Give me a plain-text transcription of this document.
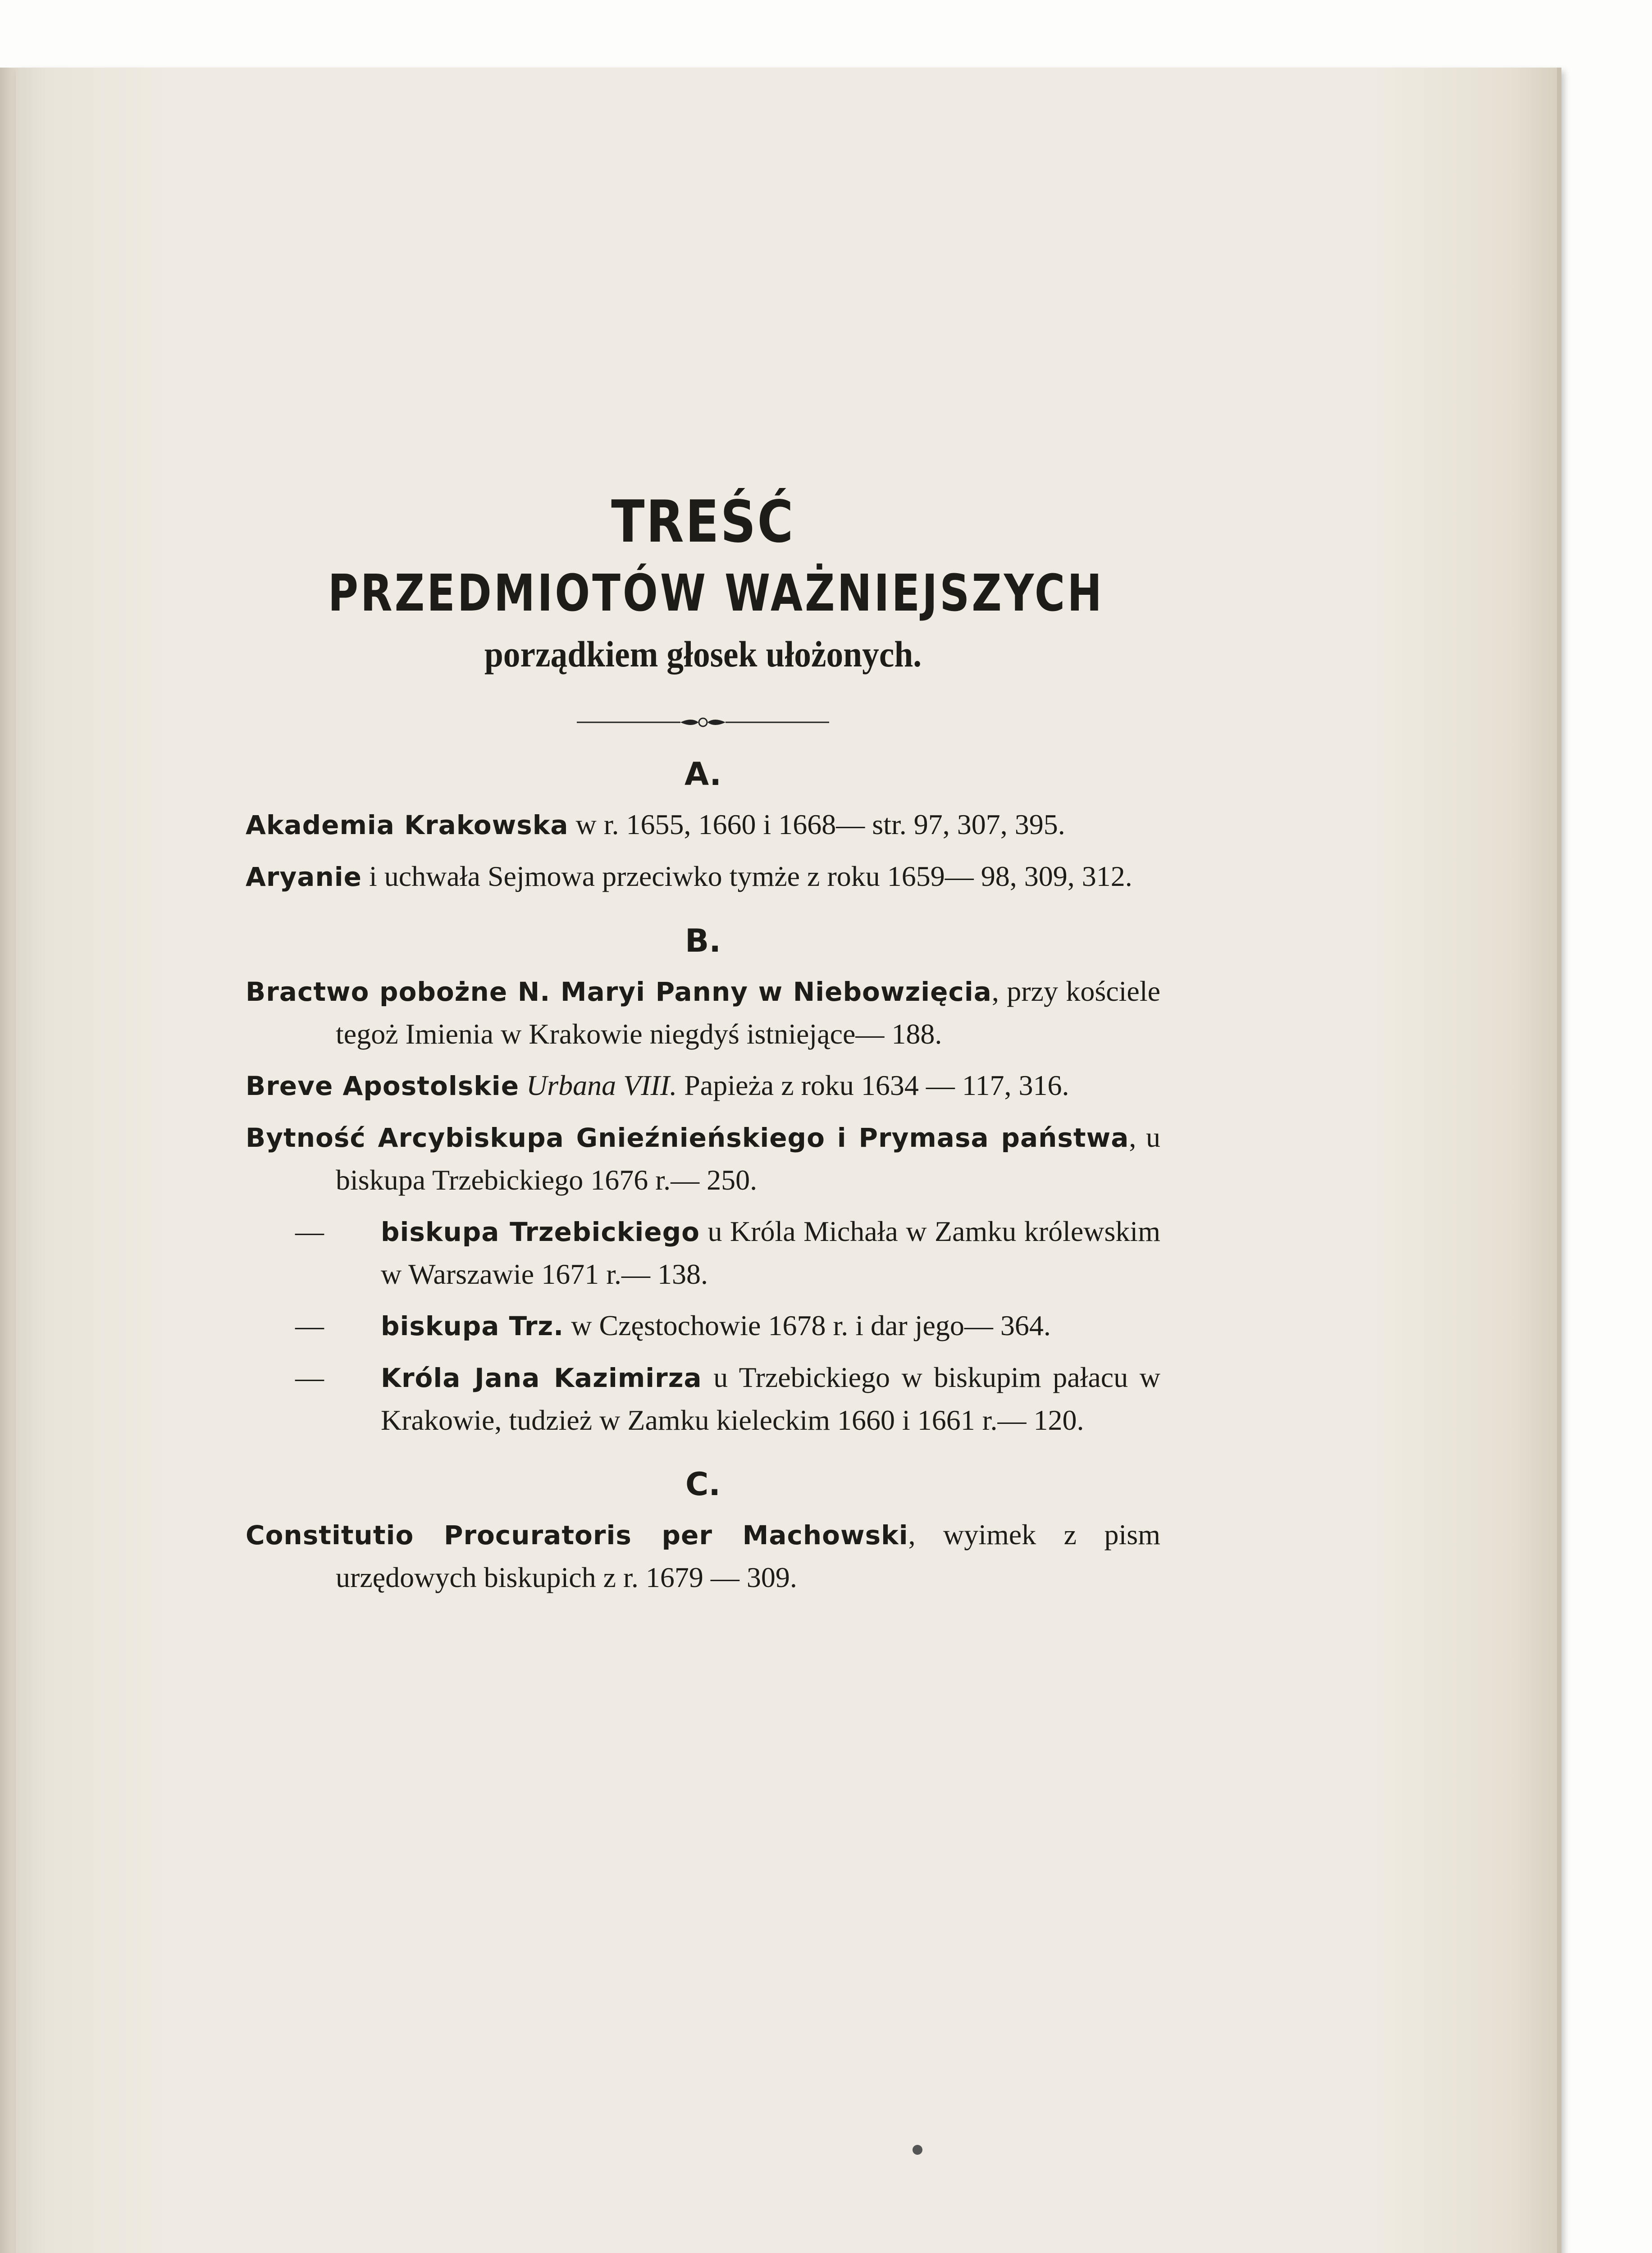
TREŚĆ
PRZEDMIOTÓW WAŻNIEJSZYCH
porządkiem głosek ułożonych.
A.

Akademia Krakowska w r. 1655, 1660 i 1668— str. 97, 307, 395.

Aryanie i uchwała Sejmowa przeciwko tymże z roku 1659— 98, 309, 312.

B.

Bractwo pobożne N. Maryi Panny w Niebowzięcia, przy kościele tegoż Imienia w Krakowie niegdyś istniejące— 188.

Breve Apostolskie Urbana VIII. Papieża z roku 1634 — 117, 316.

Bytność Arcybiskupa Gnieźnieńskiego i Prymasa państwa, u biskupa Trzebickiego 1676 r.— 250.

— biskupa Trzebickiego u Króla Michała w Zamku królewskim w Warszawie 1671 r.— 138.

— biskupa Trz. w Częstochowie 1678 r. i dar jego— 364.

— Króla Jana Kazimirza u Trzebickiego w biskupim pałacu w Krakowie, tudzież w Zamku kieleckim 1660 i 1661 r.— 120.

C.

Constitutio Procuratoris per Machowski, wyimek z pism urzędowych biskupich z r. 1679 — 309.
